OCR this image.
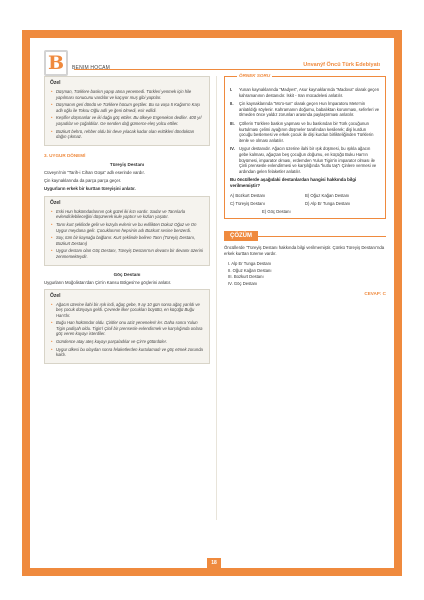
B BENIM HOCAM	Unvanýf Öncü Türk Edebiyatı
Özel
• Düşman, Türklere baskın yapıp atına yenemedi. Türkleri yenmek için hile yapılması sonucunu vardılar ve kaçıyor muş gibi yaptılar.
• Düşmanın geri döndü ve Türklere hücum geçtiler. Bu sa vaşa 5 Kağan'ın Kaşı adlı oğlu ile Toksu Oğlu adlı ye ğeni ölmedi, esir edildi.
• Keşifler düşmanlar ve iki dağa göç ettiler. Bu ülkeye Ergenekon dediler. 400 yıl yaşadılar ve çoğaldılar. Ge nenden dağ gümerce eleş yolcu ettiler.
• Bozkurt behrü, rehber oldu bir deve yılacak kadar olan erittikleri döndoktan dağın çıkmaz.
3. UYGUR DÖNEMİ
Türeyiş Destanı
Cüveyni'nin "Tarih-i Cihan Güşa" adlı eserinde vardır.
Çin kaynaklarında da parça parça geçer.
Uygurların erkek bir kurttan türeyişini anlatır.
Özel
• Eski Hun hükümdarlarının çok güzel iki kızı vardır. Sadar ve Tanrılarla evlendirilebileceğini düşünerek kule yaptırır ve kızları yaşatır.
• Tanrı kurt şeklinde gelir ve kızıyla evlenir ve bu evlilikten Dokuz Oğuz ve On Uygur meydana gelir. Çocuklarının hepsinin adı Bozkurt sesine benzerdi.
• Soy, tüm bir kaynağa bağlanır. Kurt şeklinde beliren Tanrı (Türeyiş Destanı, Bozkurt Destanı)
• Uygur destanı olan Göç Destanı, Türeyiş Destanı'nın devamı bir devamı üzerini zenmemekteydir.
Göç Destanı
Uygurların Moğolistan'dan Çin'in Kansu Bölgesi'ne göçlerini anlatır.
Özel
• Ağacın üzerine ilahi bir ışık indi, ağaç gebe, 9 ay 10 gün sonra ağaç yarıldı ve beş çocuk dünyaya geldi. Çevrede ilker çocukları büyüttü, en küçüğü Buğu Han'dır.
• Buğu Han hükümdar oldu. Çiritler onu aziz yeneneleri! ler. Daha sonra Yulun Tigin padişah oldu. Tigin'i Çinli bir prensesle evlendirmek ve karşılığında onlara göç veren kayayı isterdiler.
• Gündence atay ateş kayayı parçaladılar ve Çin'e götürdüler.
• Uygur ülkesi bu olaydan sonra felaketlerden kurtulamadı ve göç etmek zorunda kaldı.
ÖRNEK SORU
I. Yunan kaynaklarında "Madyes", Asur kaynaklarında "Madova" olarak geçen kahramanının destanıdır. İskit - Iran mücadelesi anlatılır.
II. Çin kaynaklarında "Mo'o-tun" olarak geçen Hun İmparatoru Mete'nin anlatıldığı söylenir. Kahramanın doğumu, babalıktan korunması, seferleri ve ölmeden önce yaldız zorunları arasında paylaştırması anlatılır.
III. Çöllerin Türklere baskın yapması ve bu baskından bir Türk çocuğunun kurtulması çelimi ayağının düşmeler tarafından kesilerek; dişi kurdun çocuğu beslemesi ve erkek çocuk ile dişi kurdun birlikteliğinden Türklerin itenle ve olması anlatılır.
IV. Uygur destanıdır. Ağacın üzerine ilahi bir ışık düşmesi, bu ışıkla ağacın gebe kalması, ağaçtan beş çocuğun doğumu, en küçüğü Buku Han'ın büyümesi, imparator olması, erdemden Yulun Tigin'in imparator olması ile Çinli prensesle evlendirmesi ve karşılığında "kutlu taş"ı Çinlere vermesi ve ardından gelen felaketler anlatılır.
Bu öncüllerde aşağıdaki destanlardan hangisi hakkında bilgi verilmemiştir?
A) Bozkurt Destanı	B) Oğuz Kağan Destanı
C) Türeyiş Destanı	D) Alp Er Tunga Destanı
E) Göç Destanı
ÇÖZÜM
Öncüllerde "Türeyiş Destanı hakkında bilgi verilmemiştir. Çünkü Türeyiş Destanı'nda erkek kurttan türeme vardır.
I. Alp Er Tunga Destanı
II. Oğuz Kağan Destanı
III. Bozkurt Destanı
IV. Göç Destanı
CEVAP: C
18
